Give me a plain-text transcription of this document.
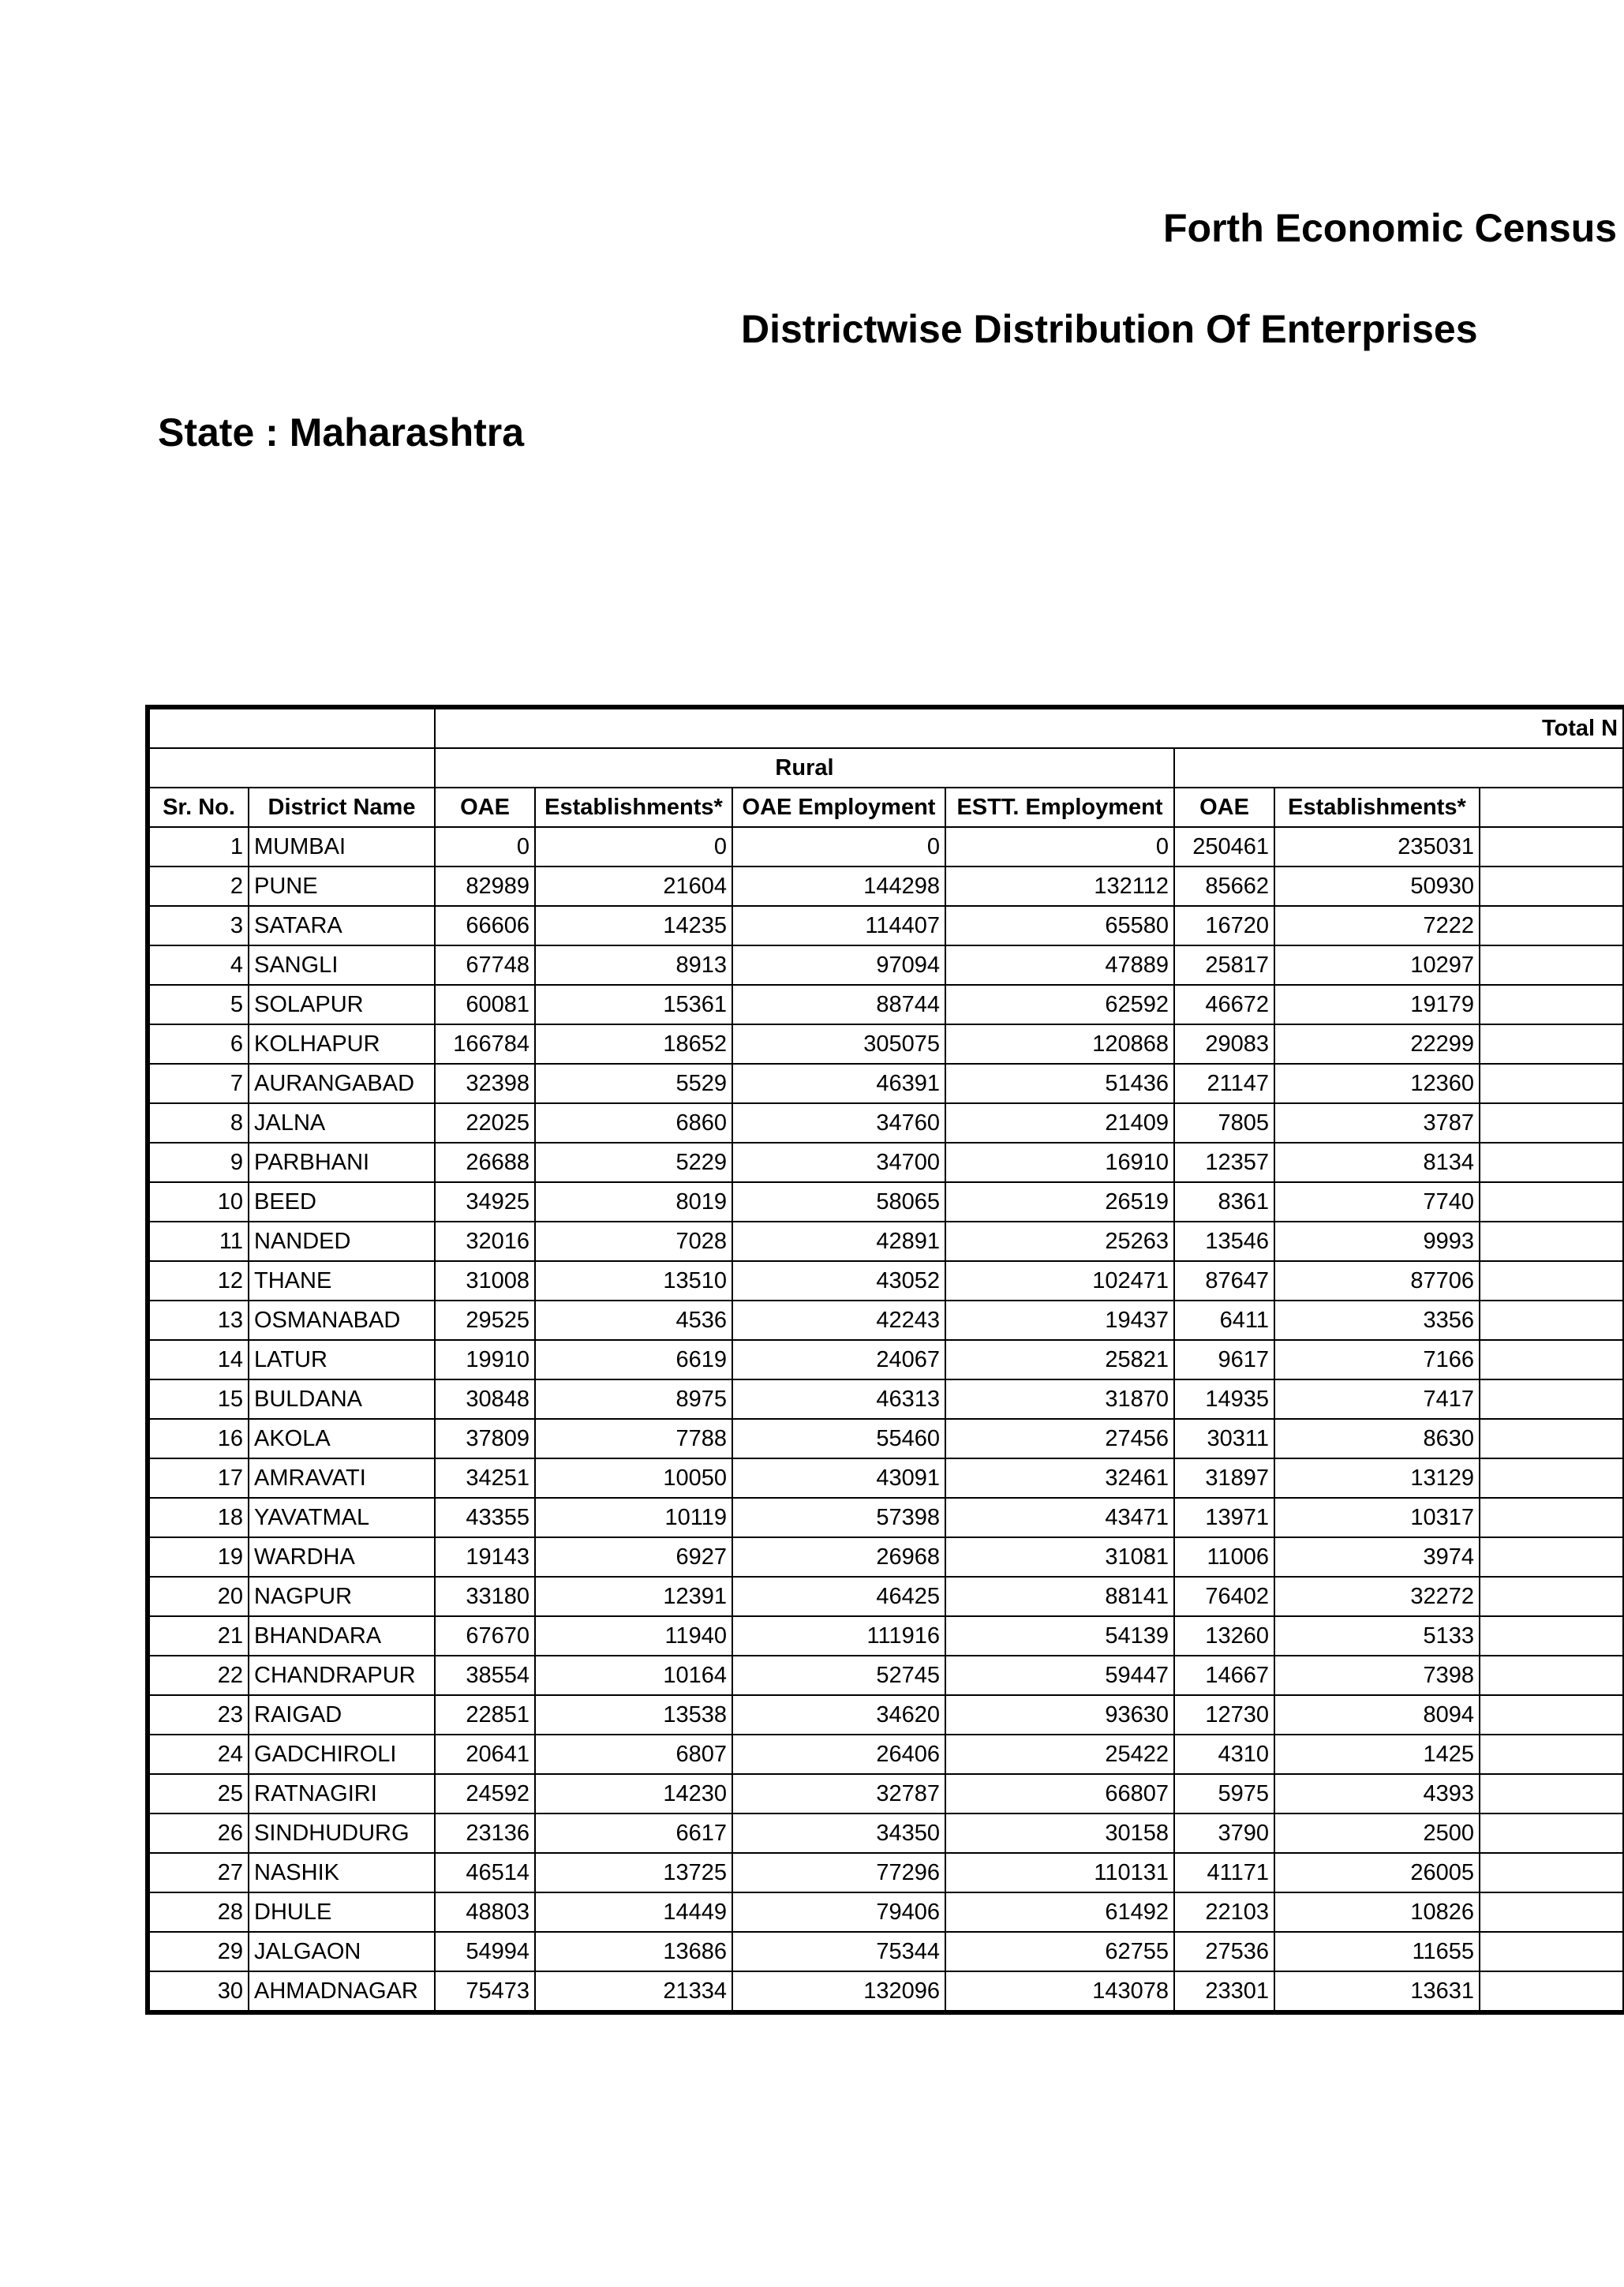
Forth Economic Census
Districtwise Distribution Of Enterprises
State : Maharashtra
		Total N						
		Rural						
Sr. No.	District Name	OAE	Establishments*	OAE Employment	ESTT. Employment	OAE	Establishments*	
1	MUMBAI	0	0	0	0	250461	235031	
2	PUNE	82989	21604	144298	132112	85662	50930	
3	SATARA	66606	14235	114407	65580	16720	7222	
4	SANGLI	67748	8913	97094	47889	25817	10297	
5	SOLAPUR	60081	15361	88744	62592	46672	19179	
6	KOLHAPUR	166784	18652	305075	120868	29083	22299	
7	AURANGABAD	32398	5529	46391	51436	21147	12360	
8	JALNA	22025	6860	34760	21409	7805	3787	
9	PARBHANI	26688	5229	34700	16910	12357	8134	
10	BEED	34925	8019	58065	26519	8361	7740	
11	NANDED	32016	7028	42891	25263	13546	9993	
12	THANE	31008	13510	43052	102471	87647	87706	
13	OSMANABAD	29525	4536	42243	19437	6411	3356	
14	LATUR	19910	6619	24067	25821	9617	7166	
15	BULDANA	30848	8975	46313	31870	14935	7417	
16	AKOLA	37809	7788	55460	27456	30311	8630	
17	AMRAVATI	34251	10050	43091	32461	31897	13129	
18	YAVATMAL	43355	10119	57398	43471	13971	10317	
19	WARDHA	19143	6927	26968	31081	11006	3974	
20	NAGPUR	33180	12391	46425	88141	76402	32272	
21	BHANDARA	67670	11940	111916	54139	13260	5133	
22	CHANDRAPUR	38554	10164	52745	59447	14667	7398	
23	RAIGAD	22851	13538	34620	93630	12730	8094	
24	GADCHIROLI	20641	6807	26406	25422	4310	1425	
25	RATNAGIRI	24592	14230	32787	66807	5975	4393	
26	SINDHUDURG	23136	6617	34350	30158	3790	2500	
27	NASHIK	46514	13725	77296	110131	41171	26005	
28	DHULE	48803	14449	79406	61492	22103	10826	
29	JALGAON	54994	13686	75344	62755	27536	11655	
30	AHMADNAGAR	75473	21334	132096	143078	23301	13631	
